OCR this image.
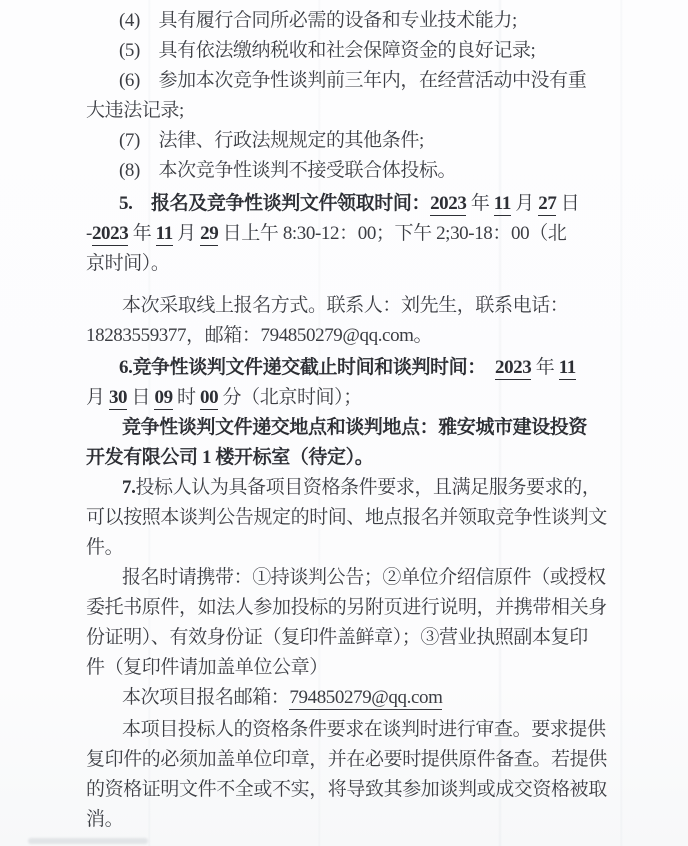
(4)　具有履行合同所必需的设备和专业技术能力;
(5)　具有依法缴纳税收和社会保障资金的良好记录;
(6)　参加本次竞争性谈判前三年内，在经营活动中没有重
大违法记录;
(7)　法律、行政法规规定的其他条件;
(8)　本次竞争性谈判不接受联合体投标。
5.　报名及竞争性谈判文件领取时间：2023 年 11 月 27 日
-2023 年 11 月 29 日上午 8:30-12：00；下午 2;30-18：00（北
京时间）。
本次采取线上报名方式。联系人：刘先生，联系电话：
18283559377，邮箱：794850279@qq.com。
6.竞争性谈判文件递交截止时间和谈判时间：　 2023 年 11
月 30 日 09 时 00 分（北京时间）；
竞争性谈判文件递交地点和谈判地点：雅安城市建设投资
开发有限公司 1 楼开标室（待定）。
7.投标人认为具备项目资格条件要求，且满足服务要求的，
可以按照本谈判公告规定的时间、地点报名并领取竞争性谈判文
件。
报名时请携带：①持谈判公告；②单位介绍信原件（或授权
委托书原件，如法人参加投标的另附页进行说明，并携带相关身
份证明）、有效身份证（复印件盖鲜章）；③营业执照副本复印
件（复印件请加盖单位公章）
本次项目报名邮箱：794850279@qq.com
本项目投标人的资格条件要求在谈判时进行审查。要求提供
复印件的必须加盖单位印章，并在必要时提供原件备查。若提供
的资格证明文件不全或不实，将导致其参加谈判或成交资格被取
消。
